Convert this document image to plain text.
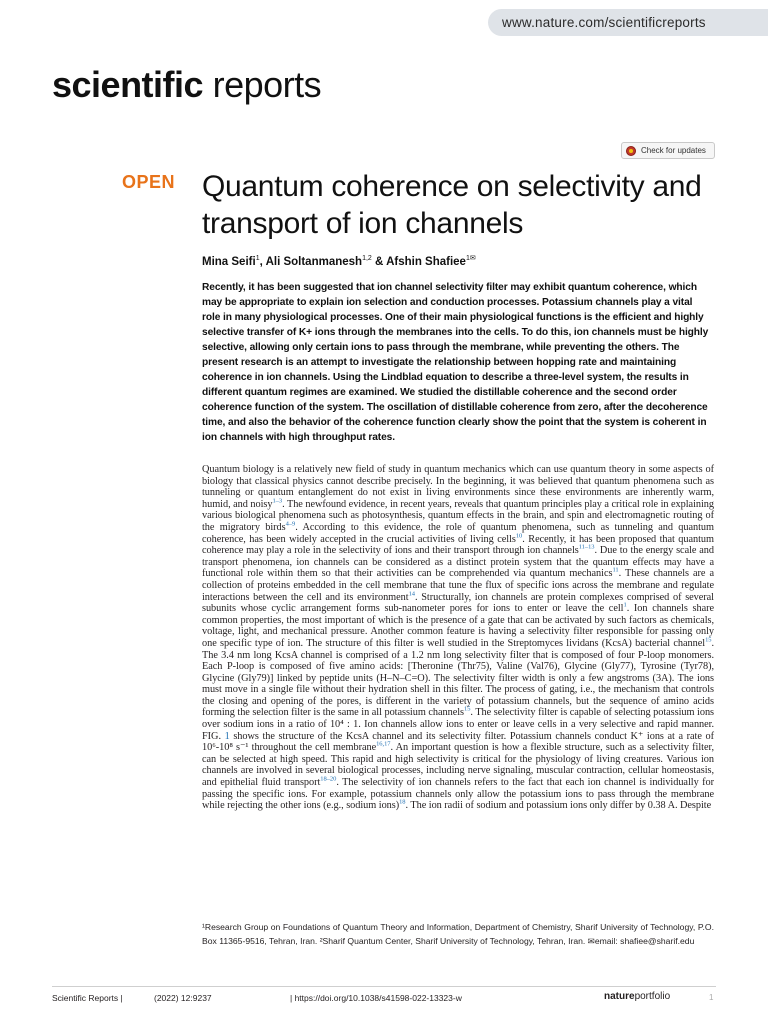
www.nature.com/scientificreports
scientific reports
Check for updates
OPEN Quantum coherence on selectivity and transport of ion channels
Mina Seifi$^1$, Ali Soltanmanesh$^{1,2}$ & Afshin Shafiee$^{1✉}$

Recently, it has been suggested that ion channel selectivity filter may exhibit quantum coherence, which may be appropriate to explain ion selection and conduction processes. Potassium channels play a vital role in many physiological processes. One of their main physiological functions is the efficient and highly selective transfer of K+ ions through the membranes into the cells. To do this, ion channels must be highly selective, allowing only certain ions to pass through the membrane, while preventing the others. The present research is an attempt to investigate the relationship between hopping rate and maintaining coherence in ion channels. Using the Lindblad equation to describe a three-level system, the results in different quantum regimes are examined. We studied the distillable coherence and the second order coherence function of the system. The oscillation of distillable coherence from zero, after the decoherence time, and also the behavior of the coherence function clearly show the point that the system is coherent in ion channels with high throughput rates.

Quantum biology is a relatively new field of study in quantum mechanics which can use quantum theory in some aspects of biology that classical physics cannot describe precisely. In the beginning, it was believed that quantum phenomena such as tunneling or quantum entanglement do not exist in living environments since these environments are inherently warm, humid, and noisy$^{1-3}$. The newfound evidence, in recent years, reveals that quantum principles play a critical role in explaining various biological phenomena such as photosynthesis, quantum effects in the brain, and spin and electromagnetic routing of the migratory birds$^{4-9}$. According to this evidence, the role of quantum phenomena, such as tunneling and quantum coherence, has been widely accepted in the crucial activities of living cells$^{10}$. Recently, it has been proposed that quantum coherence may play a role in the selectivity of ions and their transport through ion channels$^{11-13}$. Due to the energy scale and transport phenomena, ion channels can be considered as a distinct protein system that the quantum effects may have a functional role within them so that their activities can be comprehended via quantum mechanics$^{11}$. These channels are a collection of proteins embedded in the cell membrane that tune the flux of specific ions across the membrane and regulate interactions between the cell and its environment$^{14}$. Structurally, ion channels are protein complexes comprised of several subunits whose cyclic arrangement forms sub-nanometer pores for ions to enter or leave the cell$^1$. Ion channels share common properties, the most important of which is the presence of a gate that can be activated by such factors as chemicals, voltage, light, and mechanical pressure. Another common feature is having a selectivity filter responsible for passing only one specific type of ion. The structure of this filter is well studied in the Streptomyces lividans (KcsA) bacterial channel$^{15}$. The 3.4 nm long KcsA channel is comprised of a 1.2 nm long selectivity filter that is composed of four P-loop monomers. Each P-loop is composed of five amino acids: [Theronine (Thr75), Valine (Val76), Glycine (Gly77), Tyrosine (Tyr78), Glycine (Gly79)] linked by peptide units (H–N–C=O). The selectivity filter width is only a few angstroms (3A). The ions must move in a single file without their hydration shell in this filter. The process of gating, i.e., the mechanism that controls the closing and opening of the pores, is different in the variety of potassium channels, but the sequence of amino acids forming the selection filter is the same in all potassium channels$^{15}$. The selectivity filter is capable of selecting potassium ions over sodium ions in a ratio of 10⁴ : 1. Ion channels allow ions to enter or leave cells in a very selective and rapid manner. FIG. 1 shows the structure of the KcsA channel and its selectivity filter. Potassium channels conduct K⁺ ions at a rate of 10⁶-10⁸ s⁻¹ throughout the cell membrane$^{16,17}$. An important question is how a flexible structure, such as a selectivity filter, can be selected at high speed. This rapid and high selectivity is critical for the physiology of living creatures. Various ion channels are involved in several biological processes, including nerve signaling, muscular contraction, cellular homeostasis, and epithelial fluid transport$^{18-20}$. The selectivity of ion channels refers to the fact that each ion channel is individually for passing the specific ions. For example, potassium channels only allow the potassium ions to pass through the membrane while rejecting the other ions (e.g., sodium ions)$^{18}$. The ion radii of sodium and potassium ions only differ by 0.38 A. Despite

¹Research Group on Foundations of Quantum Theory and Information, Department of Chemistry, Sharif University of Technology, P.O. Box 11365-9516, Tehran, Iran. ²Sharif Quantum Center, Sharif University of Technology, Tehran, Iran. ✉email: shafiee@sharif.edu

Scientific Reports |	(2022) 12:9237	| https://doi.org/10.1038/s41598-022-13323-w	natureportfolio	1
